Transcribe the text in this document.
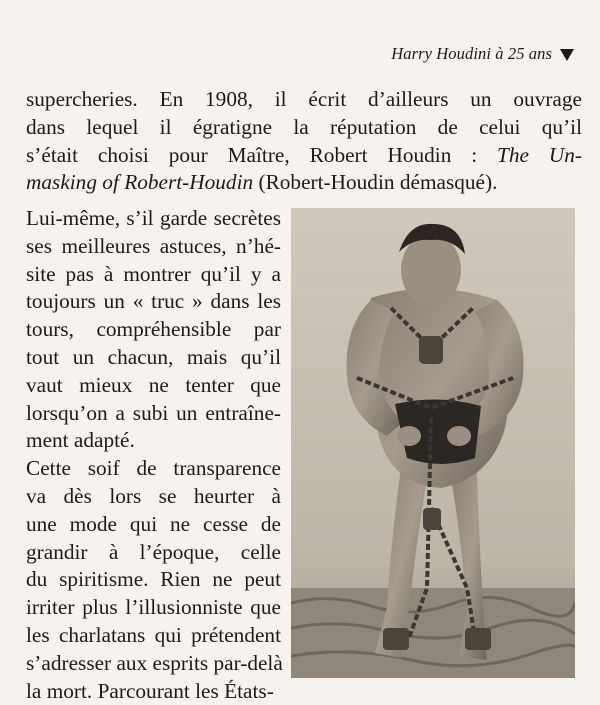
Harry Houdini à 25 ans
supercheries. En 1908, il écrit d’ailleurs un ouvrage
dans lequel il égratigne la réputation de celui qu’il
s’était choisi pour Maître, Robert Houdin : The Un-
masking of Robert-Houdin (Robert-Houdin démasqué).
Lui-même, s’il garde secrètes
ses meilleures astuces, n’hé-
site pas à montrer qu’il y a
toujours un « truc » dans les
tours, compréhensible par
tout un chacun, mais qu’il
vaut mieux ne tenter que
lorsqu’on a subi un entraîne-
ment adapté.
Cette soif de transparence
va dès lors se heurter à
une mode qui ne cesse de
grandir à l’époque, celle
du spiritisme. Rien ne peut
irriter plus l’illusionniste que
les charlatans qui prétendent
s’adresser aux esprits par-delà
la mort. Parcourant les États-
